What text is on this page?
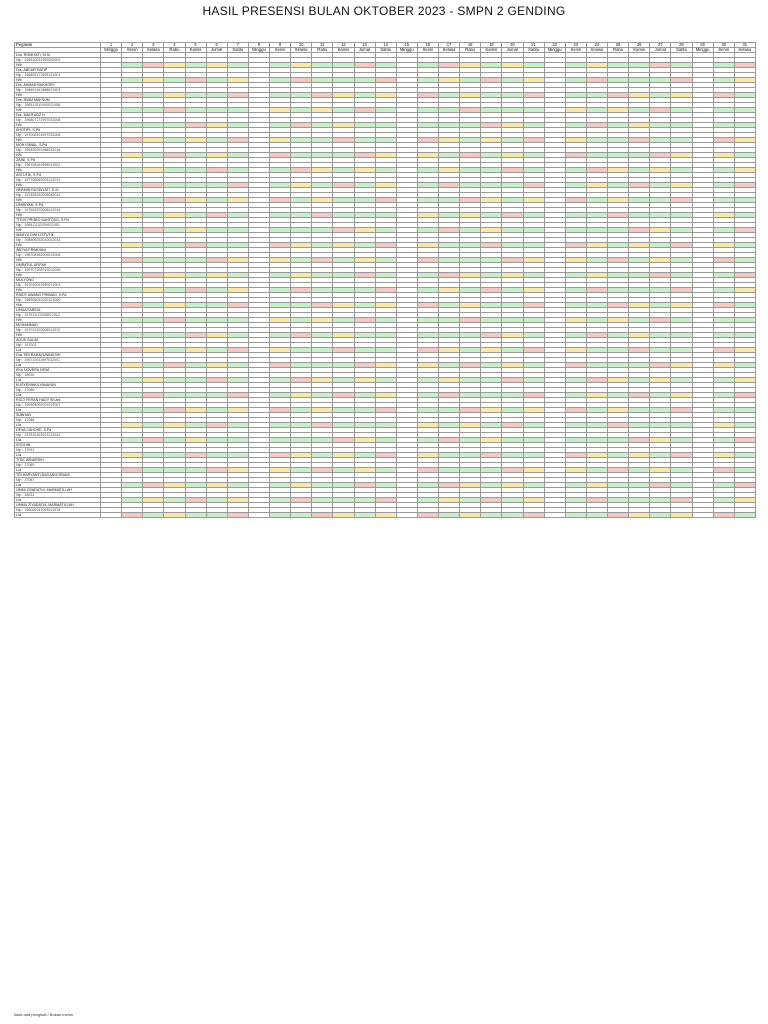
HASIL PRESENSI BULAN OKTOBER 2023 - SMPN 2 GENDING
Pegawai	1	2	3	4	5	6	7	8	9	10	11	12	13	14	15	16	17	18	19	20	21	22	23	24	25	26	27	28	29	30	31
	Minggu	Senin	Selasa	Rabu	Kamis	Jumat	Sabtu	Minggu	Senin	Selasa	Rabu	Kamis	Jumat	Sabtu	Minggu	Senin	Selasa	Rabu	Kamis	Jumat	Sabtu	Minggu	Senin	Selasa	Rabu	Kamis	Jumat	Sabtu	Minggu	Senin	Selasa
Dra. ROMIYATI, M.Si																															
Nip : 196510021999032002																															
H/b																															
Drs. ABDUR RATIP																															
Nip : 196809171995121001																															
H/b																															
Drs. AHMAD BUKHORI																															
Nip : 196601161988021003																															
H/b																															
Drs. IMAM MAKSUM																															
Nip : 196511011990031008																															
H/b																															
Drs. MAHFUDZ H																															
Nip : 196807171997031008																															
H/b																															
KHOTIPI, S.Pd																															
Nip : 197006101997031006																															
H/b																															
MOH ISMAIL, S.Pd																															
Nip : 196409251988031014																															
H/b																															
ZAINI, S.Pd																															
Nip : 196708161996011001																															
H/b																															
ASTUTIK, S.Pd																															
Nip : 197708062003122013																															
H/b																															
HERMIN RUSDIYATI, S.Si																															
Nip : 197405162006042011																															
H/b																															
UMIRIYAH, S.Pd																															
Nip : 197502202008012014																															
H/b																															
TITUS PROBO SANTOSO, S.Pd																															
Nip : 198411132009031001																															
H/b																															
WAHYU DWI LISTUTIK																															
Nip : 198509252010012014																															
H/b																															
WIDYA PRIMDANI																															
Nip : 198708162009012006																															
H/b																															
UMRATUL AFIFAH																															
Nip : 199707102019012005																															
H/b																															
MULYONO																															
Nip : 197010021990071001																															
H/b																															
RIDDY AWANG PRIBADI, S.Pd																															
Nip : 198905042020121009																															
H/a																															
LINDA FARIDA																															
Nip : 197511122008012013																															
H/b																															
MOHAMMAD																															
Nip : 197012102008011012																															
H/b																															
AGUS SALIM																															
Nip : 197001																															
L/a																															
Dra. SRI RAHAYUNINGSIH																															
Nip : 196710011997032001																															
L/a																															
EKA NOVERA DEWI																															
Nip : 18030																															
L/a																															
KUSYENIWULYANAYAN																															
Nip : 17086																															
L/a																															
RICO FERAN HADY Sh.ars																															
Nip : 199304092022212007																															
L/a																															
SUBHAN																															
Nip : 17088																															
L/a																															
DEVA CAHOSE, S.Pd																															
Nip : 197810162021212011																															
L/a																															
SOLIHIN																															
Nip : 17091																															
L/a																															
TITIK WINARSIH																															
Nip : 17089																															
L/a																															
TRI HARYANTI DWI ANGGRAINI																															
Nip : 17087																															
L/a																															
UMMI ZIYADATUL MARMATILLAH																															
Nip : 18031																															
L/a																															
UMMU ZIYADATUL MARMATILLAH																															
Nip : 196006141993011019																															
L/a																															
tidak ada pengikat / Bukan melon
